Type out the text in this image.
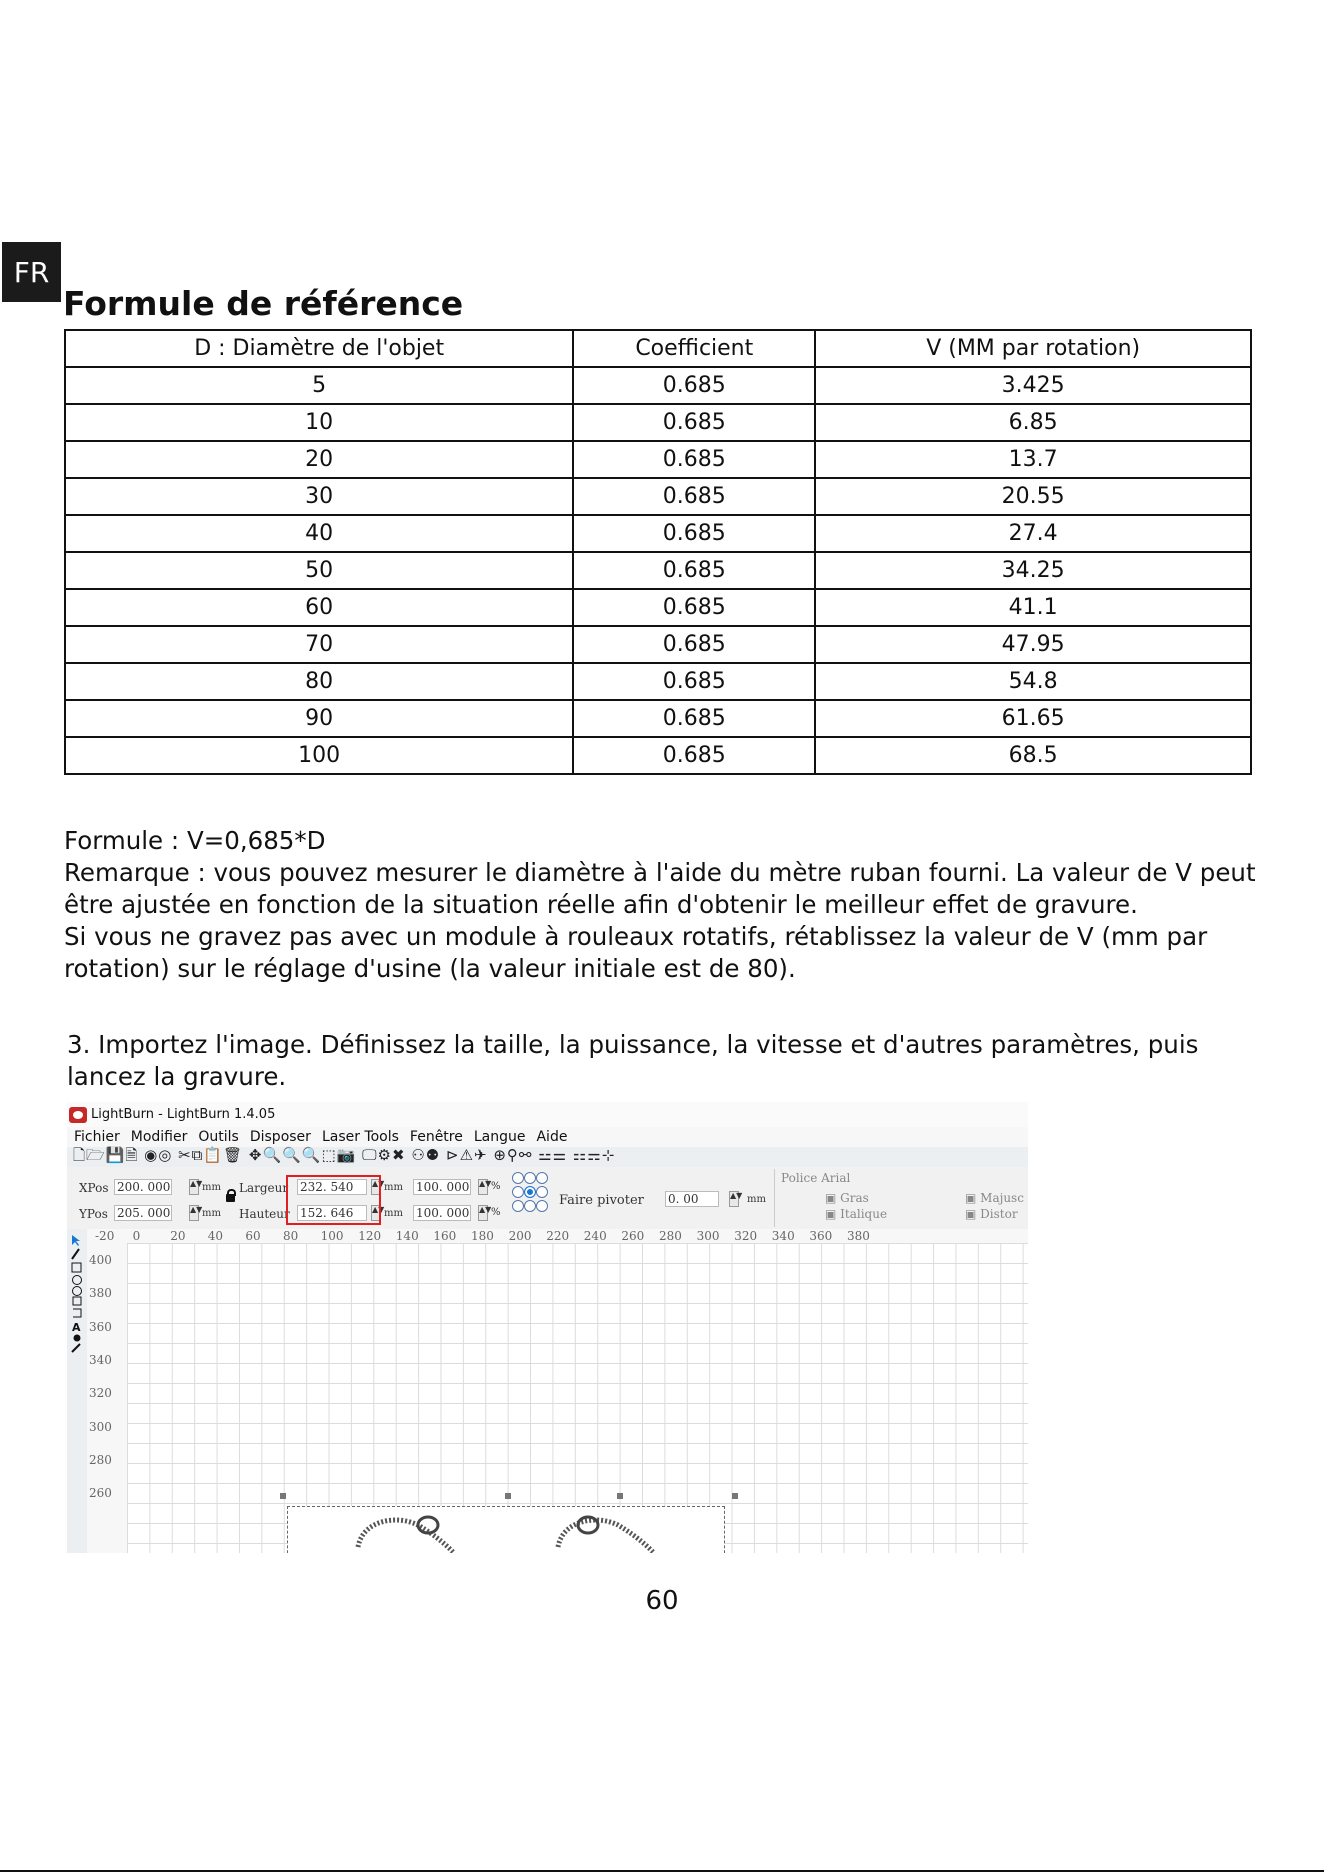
FR
Formule de référence
D : Diamètre de l'objet	Coefficient	V (MM par rotation)
5	0.685	3.425
10	0.685	6.85
20	0.685	13.7
30	0.685	20.55
40	0.685	27.4
50	0.685	34.25
60	0.685	41.1
70	0.685	47.95
80	0.685	54.8
90	0.685	61.65
100	0.685	68.5
Formule : V=0,685*D
Remarque : vous pouvez mesurer le diamètre à l'aide du mètre ruban fourni. La valeur de V peut être ajustée en fonction de la situation réelle afin d'obtenir le meilleur effet de gravure.
Si vous ne gravez pas avec un module à rouleaux rotatifs, rétablissez la valeur de V (mm par rotation) sur le réglage d'usine (la valeur initiale est de 80).
3. Importez l'image. Définissez la taille, la puissance, la vitesse et d'autres paramètres, puis lancez la gravure.
LightBurn - LightBurn 1.4.05
Fichier Modifier Outils Disposer Laser Tools Fenêtre Langue Aide
🗋🗁💾🗎 ◉◎ ✂⧉📋🗑 ✥🔍🔍🔍⬚📷 🖵⚙✖ ⚇⚉ ⊳⚠✈ ⊕⚲⚯ ⚍⚌ ⚏⚎⊹
XPos 200. 000 ▲▼ mm
YPos 205. 000 ▲▼ mm
Largeur 232. 540	▲▼ mm
Hauteur 152. 646	▲▼ mm
100. 000 ▲▼ %
100. 000 ▲▼ %
Faire pivoter 0. 00	▲▼ mm
Police Arial
▣ Gras
▣ Italique
▣ Majusc
▣ Distor
A
-20 0 20 40 60 80 100 120 140 160 180 200 220 240 260 280 300 320 340 360 380
400
380
360
340
320
300
280
260
60
